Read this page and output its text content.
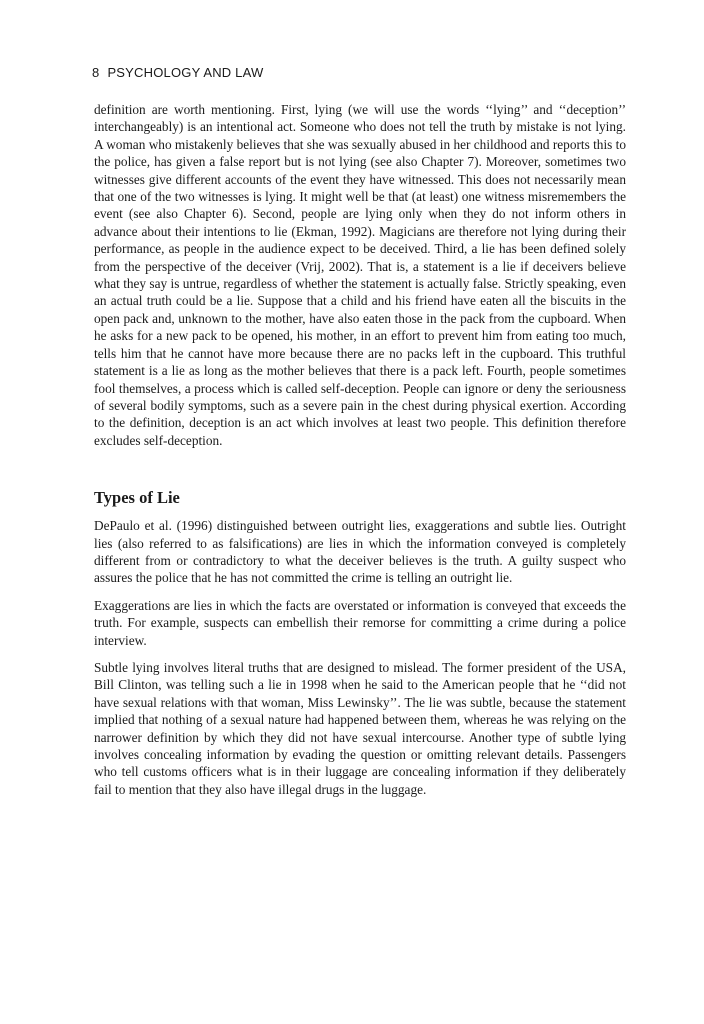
8 PSYCHOLOGY AND LAW

definition are worth mentioning. First, lying (we will use the words ‘‘lying’’ and ‘‘deception’’ interchangeably) is an intentional act. Someone who does not tell the truth by mistake is not lying. A woman who mistakenly believes that she was sexually abused in her childhood and reports this to the police, has given a false report but is not lying (see also Chapter 7). Moreover, sometimes two witnesses give different accounts of the event they have witnessed. This does not necessarily mean that one of the two witnesses is lying. It might well be that (at least) one witness misremembers the event (see also Chapter 6). Second, people are lying only when they do not inform others in advance about their intentions to lie (Ekman, 1992). Magicians are therefore not lying during their performance, as people in the audience expect to be deceived. Third, a lie has been defined solely from the perspective of the deceiver (Vrij, 2002). That is, a statement is a lie if deceivers believe what they say is untrue, regardless of whether the statement is actually false. Strictly speaking, even an actual truth could be a lie. Suppose that a child and his friend have eaten all the biscuits in the open pack and, unknown to the mother, have also eaten those in the pack from the cupboard. When he asks for a new pack to be opened, his mother, in an effort to prevent him from eating too much, tells him that he cannot have more because there are no packs left in the cupboard. This truthful statement is a lie as long as the mother believes that there is a pack left. Fourth, people sometimes fool themselves, a process which is called self-deception. People can ignore or deny the seriousness of several bodily symptoms, such as a severe pain in the chest during physical exertion. According to the definition, deception is an act which involves at least two people. This definition therefore excludes self-deception.

Types of Lie

DePaulo et al. (1996) distinguished between outright lies, exaggerations and subtle lies. Outright lies (also referred to as falsifications) are lies in which the information conveyed is completely different from or contradictory to what the deceiver believes is the truth. A guilty suspect who assures the police that he has not committed the crime is telling an outright lie.

Exaggerations are lies in which the facts are overstated or information is conveyed that exceeds the truth. For example, suspects can embellish their remorse for committing a crime during a police interview.

Subtle lying involves literal truths that are designed to mislead. The former president of the USA, Bill Clinton, was telling such a lie in 1998 when he said to the American people that he ‘‘did not have sexual relations with that woman, Miss Lewinsky’’. The lie was subtle, because the statement implied that nothing of a sexual nature had happened between them, whereas he was relying on the narrower definition by which they did not have sexual intercourse. Another type of subtle lying involves concealing information by evading the question or omitting relevant details. Passengers who tell customs officers what is in their luggage are concealing information if they deliberately fail to mention that they also have illegal drugs in the luggage.
